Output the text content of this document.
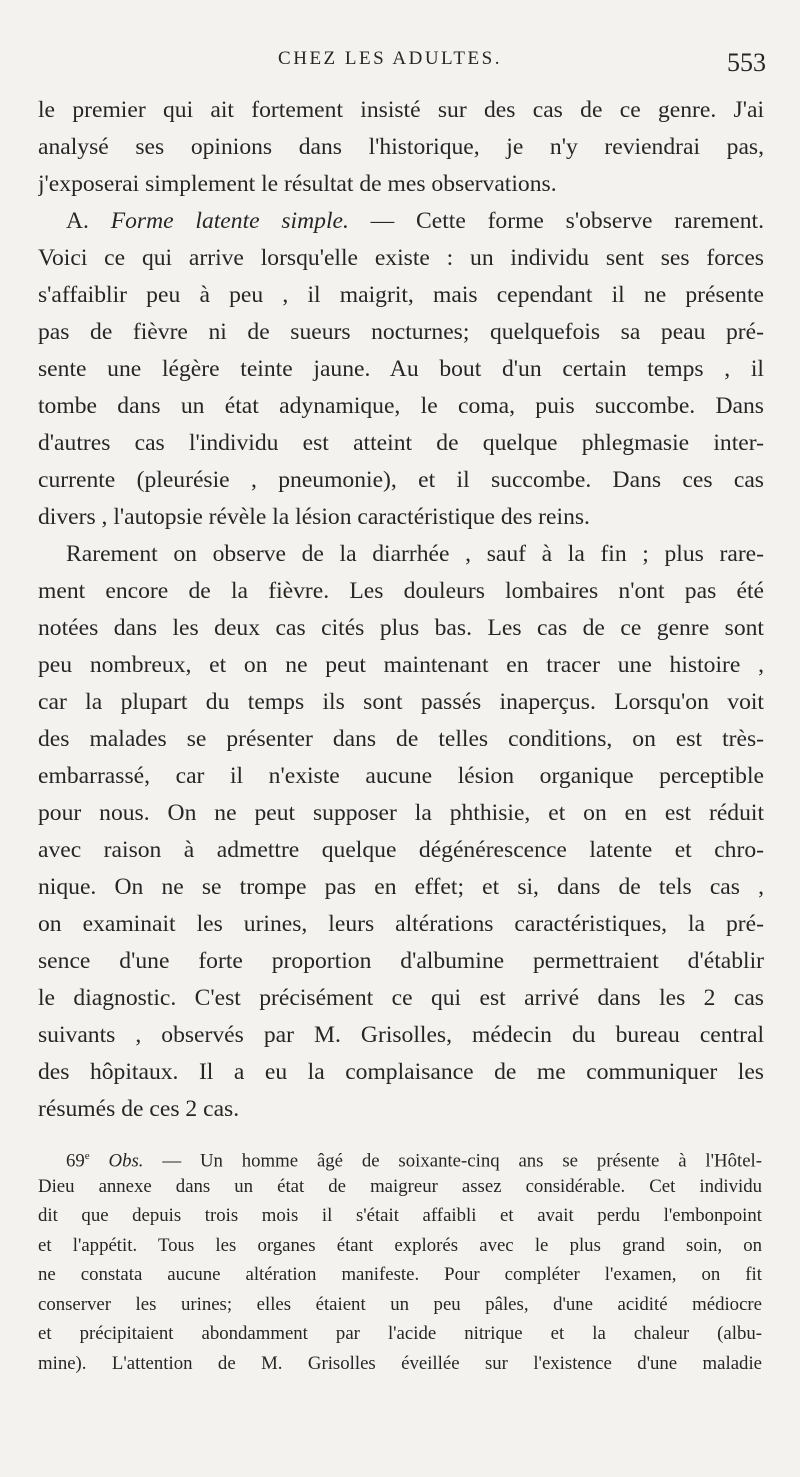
CHEZ LES ADULTES.	553
le premier qui ait fortement insisté sur des cas de ce genre. J'ai
analysé ses opinions dans l'historique, je n'y reviendrai pas,
j'exposerai simplement le résultat de mes observations.
A. Forme latente simple. — Cette forme s'observe rarement.
Voici ce qui arrive lorsqu'elle existe : un individu sent ses forces
s'affaiblir peu à peu , il maigrit, mais cependant il ne présente
pas de fièvre ni de sueurs nocturnes; quelquefois sa peau pré-
sente une légère teinte jaune. Au bout d'un certain temps , il
tombe dans un état adynamique, le coma, puis succombe. Dans
d'autres cas l'individu est atteint de quelque phlegmasie inter-
currente (pleurésie , pneumonie), et il succombe. Dans ces cas
divers , l'autopsie révèle la lésion caractéristique des reins.
Rarement on observe de la diarrhée , sauf à la fin ; plus rare-
ment encore de la fièvre. Les douleurs lombaires n'ont pas été
notées dans les deux cas cités plus bas. Les cas de ce genre sont
peu nombreux, et on ne peut maintenant en tracer une histoire ,
car la plupart du temps ils sont passés inaperçus. Lorsqu'on voit
des malades se présenter dans de telles conditions, on est très-
embarrassé, car il n'existe aucune lésion organique perceptible
pour nous. On ne peut supposer la phthisie, et on en est réduit
avec raison à admettre quelque dégénérescence latente et chro-
nique. On ne se trompe pas en effet; et si, dans de tels cas ,
on examinait les urines, leurs altérations caractéristiques, la pré-
sence d'une forte proportion d'albumine permettraient d'établir
le diagnostic. C'est précisément ce qui est arrivé dans les 2 cas
suivants , observés par M. Grisolles, médecin du bureau central
des hôpitaux. Il a eu la complaisance de me communiquer les
résumés de ces 2 cas.
69e Obs. — Un homme âgé de soixante-cinq ans se présente à l'Hôtel-
Dieu annexe dans un état de maigreur assez considérable. Cet individu
dit que depuis trois mois il s'était affaibli et avait perdu l'embonpoint
et l'appétit. Tous les organes étant explorés avec le plus grand soin, on
ne constata aucune altération manifeste. Pour compléter l'examen, on fit
conserver les urines; elles étaient un peu pâles, d'une acidité médiocre
et précipitaient abondamment par l'acide nitrique et la chaleur (albu-
mine). L'attention de M. Grisolles éveillée sur l'existence d'une maladie
